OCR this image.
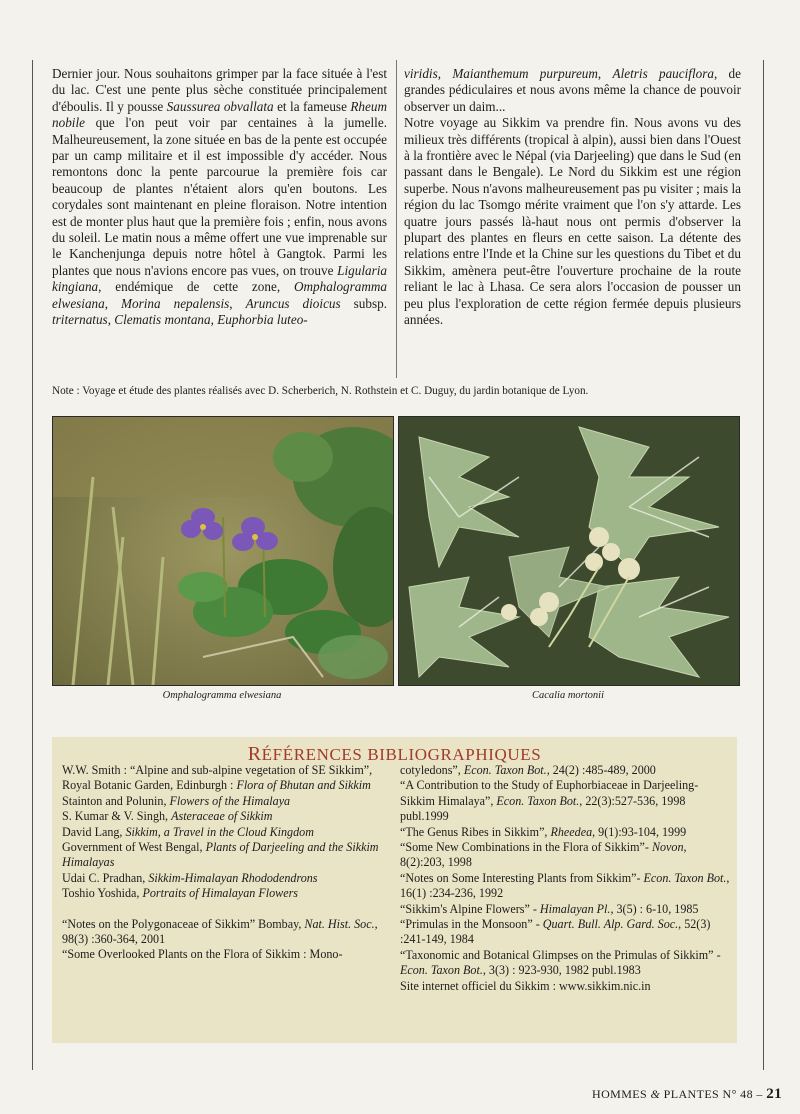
Dernier jour. Nous souhaitons grimper par la face située à l'est du lac. C'est une pente plus sèche constituée principalement d'éboulis. Il y pousse Saussurea obvallata et la fameuse Rheum nobile que l'on peut voir par centaines à la jumelle. Malheureusement, la zone située en bas de la pente est occupée par un camp militaire et il est impossible d'y accéder. Nous remontons donc la pente parcourue la première fois car beaucoup de plantes n'étaient alors qu'en boutons. Les corydales sont maintenant en pleine floraison. Notre intention est de monter plus haut que la première fois ; enfin, nous avons du soleil. Le matin nous a même offert une vue imprenable sur le Kanchenjunga depuis notre hôtel à Gangtok. Parmi les plantes que nous n'avions encore pas vues, on trouve Ligularia kingiana, endémique de cette zone, Omphalogramma elwesiana, Morina nepalensis, Aruncus dioicus subsp. triternatus, Clematis montana, Euphorbia luteo-

viridis, Maianthemum purpureum, Aletris pauciflora, de grandes pédiculaires et nous avons même la chance de pouvoir observer un daim...

Notre voyage au Sikkim va prendre fin. Nous avons vu des milieux très différents (tropical à alpin), aussi bien dans l'Ouest à la frontière avec le Népal (via Darjeeling) que dans le Sud (en passant dans le Bengale). Le Nord du Sikkim est une région superbe. Nous n'avons malheureusement pas pu visiter ; mais la région du lac Tsomgo mérite vraiment que l'on s'y attarde. Les quatre jours passés là-haut nous ont permis d'observer la plupart des plantes en fleurs en cette saison. La détente des relations entre l'Inde et la Chine sur les questions du Tibet et du Sikkim, amènera peut-être l'ouverture prochaine de la route reliant le lac à Lhasa. Ce sera alors l'occasion de pousser un peu plus l'exploration de cette région fermée depuis plusieurs années.

Note : Voyage et étude des plantes réalisés avec D. Scherberich, N. Rothstein et C. Duguy, du jardin botanique de Lyon.
Omphalogramma elwesiana	Cacalia mortonii
RÉFÉRENCES BIBLIOGRAPHIQUES

W.W. Smith : “Alpine and sub-alpine vegetation of SE Sikkim”,

Royal Botanic Garden, Edinburgh : Flora of Bhutan and Sikkim

Stainton and Polunin, Flowers of the Himalaya

S. Kumar & V. Singh, Asteraceae of Sikkim

David Lang, Sikkim, a Travel in the Cloud Kingdom

Government of West Bengal, Plants of Darjeeling and the Sikkim Himalayas

Udai C. Pradhan, Sikkim-Himalayan Rhododendrons

Toshio Yoshida, Portraits of Himalayan Flowers

“Notes on the Polygonaceae of Sikkim” Bombay, Nat. Hist. Soc., 98(3) :360-364, 2001

“Some Overlooked Plants on the Flora of Sikkim : Mono-

cotyledons”, Econ. Taxon Bot., 24(2) :485-489, 2000

“A Contribution to the Study of Euphorbiaceae in Darjeeling-Sikkim Himalaya”, Econ. Taxon Bot., 22(3):527-536, 1998 publ.1999

“The Genus Ribes in Sikkim”, Rheedea, 9(1):93-104, 1999

“Some New Combinations in the Flora of Sikkim”- Novon, 8(2):203, 1998

“Notes on Some Interesting Plants from Sikkim”- Econ. Taxon Bot., 16(1) :234-236, 1992

“Sikkim's Alpine Flowers” - Himalayan Pl., 3(5) : 6-10, 1985

“Primulas in the Monsoon” - Quart. Bull. Alp. Gard. Soc., 52(3) :241-149, 1984

“Taxonomic and Botanical Glimpses on the Primulas of Sikkim” - Econ. Taxon Bot., 3(3) : 923-930, 1982 publ.1983

Site internet officiel du Sikkim : www.sikkim.nic.in

HOMMES & PLANTES N° 48 – 21
